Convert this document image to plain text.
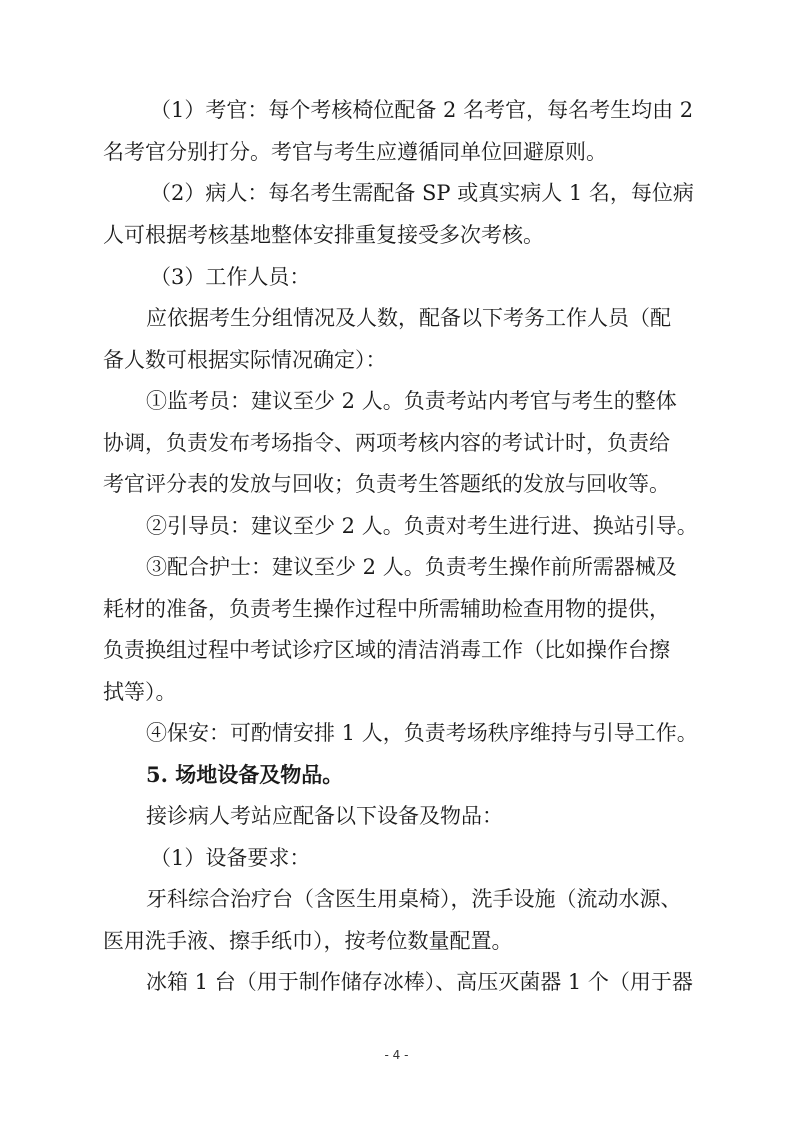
（1）考官：每个考核椅位配备 2 名考官，每名考生均由 2
名考官分别打分。考官与考生应遵循同单位回避原则。
（2）病人：每名考生需配备 SP 或真实病人 1 名，每位病
人可根据考核基地整体安排重复接受多次考核。
（3）工作人员：
应依据考生分组情况及人数，配备以下考务工作人员（配
备人数可根据实际情况确定）：
①监考员：建议至少 2 人。负责考站内考官与考生的整体
协调，负责发布考场指令、两项考核内容的考试计时，负责给
考官评分表的发放与回收；负责考生答题纸的发放与回收等。
②引导员：建议至少 2 人。负责对考生进行进、换站引导。
③配合护士：建议至少 2 人。负责考生操作前所需器械及
耗材的准备，负责考生操作过程中所需辅助检查用物的提供，
负责换组过程中考试诊疗区域的清洁消毒工作（比如操作台擦
拭等）。
④保安：可酌情安排 1 人，负责考场秩序维持与引导工作。
5. 场地设备及物品。
接诊病人考站应配备以下设备及物品：
（1）设备要求：
牙科综合治疗台（含医生用桌椅），洗手设施（流动水源、
医用洗手液、擦手纸巾），按考位数量配置。
冰箱 1 台（用于制作储存冰棒）、高压灭菌器 1 个（用于器
- 4 -
